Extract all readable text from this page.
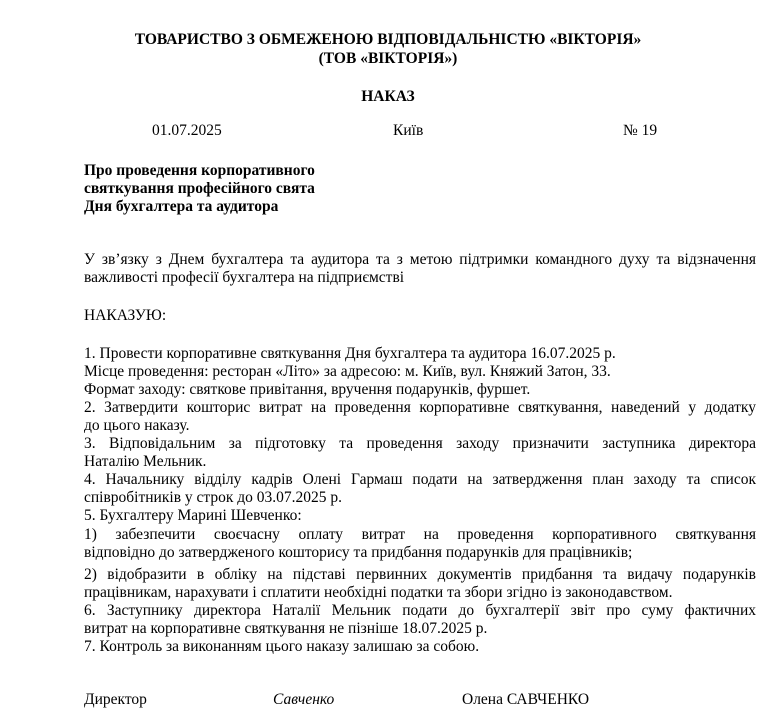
ТОВАРИСТВО З ОБМЕЖЕНОЮ ВІДПОВІДАЛЬНІСТЮ «ВІКТОРІЯ»
(ТОВ «ВІКТОРІЯ»)
НАКАЗ
01.07.2025	Київ	№ 19
Про проведення корпоративного
святкування професійного свята
Дня бухгалтера та аудитора
У зв’язку з Днем бухгалтера та аудитора та з метою підтримки командного духу та відзначення
важливості професії бухгалтера на підприємстві
НАКАЗУЮ:
1. Провести корпоративне святкування Дня бухгалтера та аудитора 16.07.2025 р.
Місце проведення: ресторан «Літо» за адресою: м. Київ, вул. Княжий Затон, 33.
Формат заходу: святкове привітання, вручення подарунків, фуршет.
2. Затвердити кошторис витрат на проведення корпоративне святкування, наведений у додатку
до цього наказу.
3. Відповідальним за підготовку та проведення заходу призначити заступника директора
Наталію Мельник.
4. Начальнику відділу кадрів Олені Гармаш подати на затвердження план заходу та список
співробітників у строк до 03.07.2025 р.
5. Бухгалтеру Марині Шевченко:
1) забезпечити своєчасну оплату витрат на проведення корпоративного святкування
відповідно до затвердженого кошторису та придбання подарунків для працівників;
2) відобразити в обліку на підставі первинних документів придбання та видачу подарунків
працівникам, нарахувати і сплатити необхідні податки та збори згідно із законодавством.
6. Заступнику директора Наталії Мельник подати до бухгалтерії звіт про суму фактичних
витрат на корпоративне святкування не пізніше 18.07.2025 р.
7. Контроль за виконанням цього наказу залишаю за собою.
Директор	Савченко	Олена САВЧЕНКО
